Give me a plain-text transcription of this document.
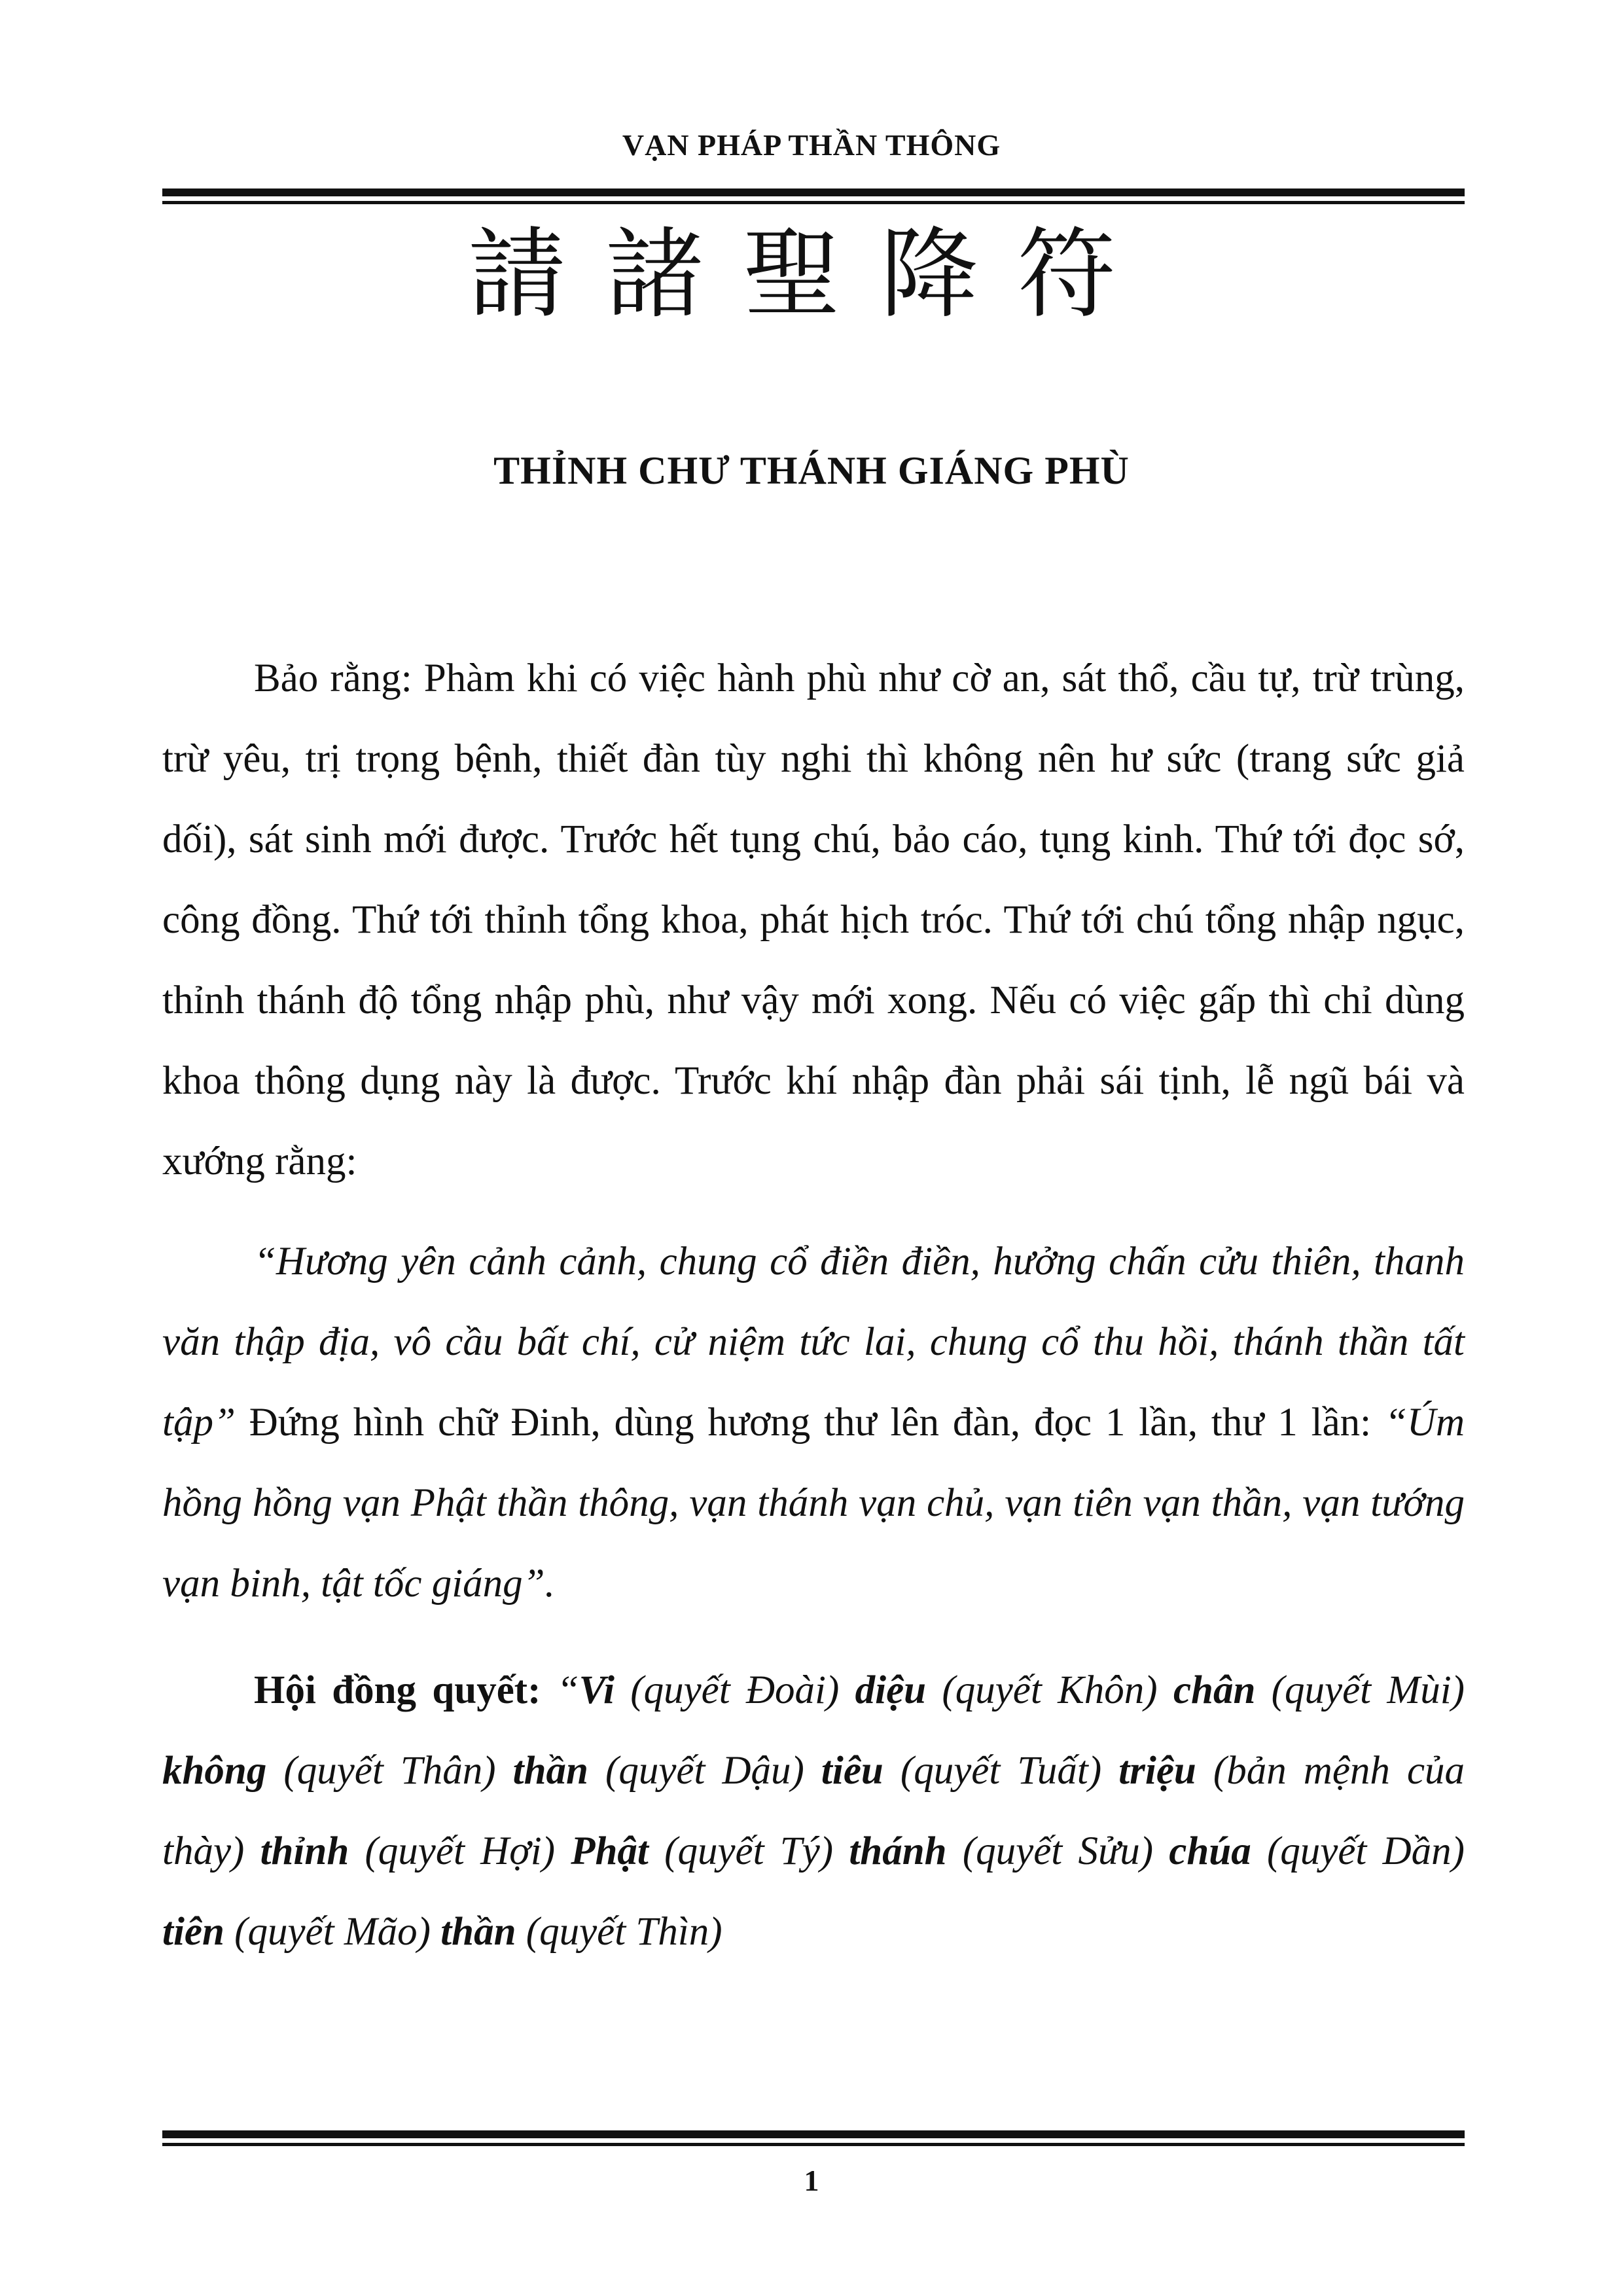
VẠN PHÁP THẦN THÔNG
請諸聖降符
THỈNH CHƯ THÁNH GIÁNG PHÙ

Bảo rằng: Phàm khi có việc hành phù như cờ an, sát thổ, cầu tự, trừ trùng, trừ yêu, trị trọng bệnh, thiết đàn tùy nghi thì không nên hư sức (trang sức giả dối), sát sinh mới được. Trước hết tụng chú, bảo cáo, tụng kinh. Thứ tới đọc sớ, công đồng. Thứ tới thỉnh tổng khoa, phát hịch tróc. Thứ tới chú tổng nhập ngục, thỉnh thánh độ tổng nhập phù, như vậy mới xong. Nếu có việc gấp thì chỉ dùng khoa thông dụng này là được. Trước khí nhập đàn phải sái tịnh, lễ ngũ bái và xướng rằng:

“Hương yên cảnh cảnh, chung cổ điền điền, hưởng chấn cửu thiên, thanh văn thập địa, vô cầu bất chí, cử niệm tức lai, chung cổ thu hồi, thánh thần tất tập” Đứng hình chữ Đinh, dùng hương thư lên đàn, đọc 1 lần, thư 1 lần: “Úm hồng hồng vạn Phật thần thông, vạn thánh vạn chủ, vạn tiên vạn thần, vạn tướng vạn binh, tật tốc giáng”.

Hội đồng quyết: “Vi (quyết Đoài) diệu (quyết Khôn) chân (quyết Mùi) không (quyết Thân) thần (quyết Dậu) tiêu (quyết Tuất) triệu (bản mệnh của thày) thỉnh (quyết Hợi) Phật (quyết Tý) thánh (quyết Sửu) chúa (quyết Dần) tiên (quyết Mão) thần (quyết Thìn)

1
